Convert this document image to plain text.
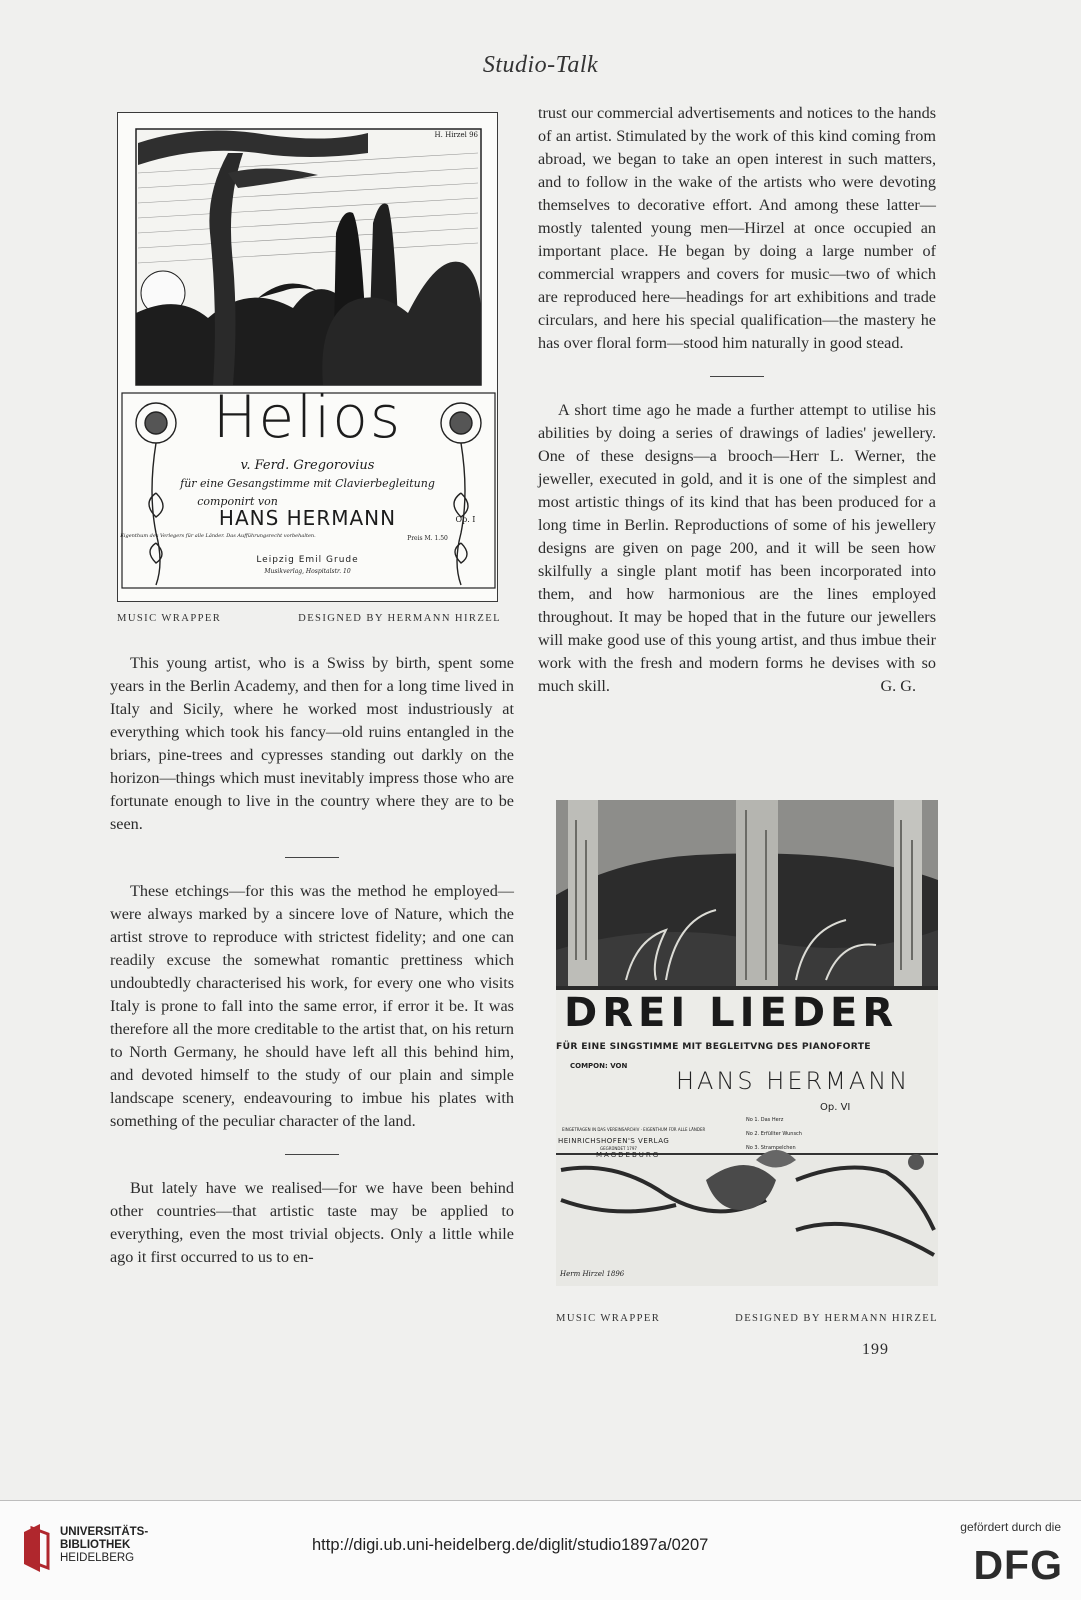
Studio-Talk
H. Hirzel 96
Helios
v. Ferd. Gregorovius
für eine Gesangstimme mit Clavierbegleitung
componirt von
HANS HERMANN	Op. I
Eigenthum des Verlegers für alle Länder. Das Aufführungsrecht vorbehalten.	Preis M. 1.50
Leipzig Emil Grude
Musikverlag, Hospitalstr. 10
MUSIC WRAPPER	DESIGNED BY HERMANN HIRZEL
DREI LIEDER
FÜR EINE SINGSTIMME MIT BEGLEITVNG DES PIANOFORTE
COMPON: VON
HANS HERMANN
Op. VI
EINGETRAGEN IN DAS VEREINSARCHIV · EIGENTHUM FÜR ALLE LÄNDER
HEINRICHSHOFEN'S VERLAG
GEGRÜNDET 1797
MAGDEBURG
No 1. Das Herz
No 2. Erfüllter Wunsch
No 3. Strampelchen
Herm Hirzel 1896
MUSIC WRAPPER	DESIGNED BY HERMANN HIRZEL

This young artist, who is a Swiss by birth, spent some years in the Berlin Academy, and then for a long time lived in Italy and Sicily, where he worked most industriously at everything which took his fancy—old ruins entangled in the briars, pine-trees and cypresses standing out darkly on the horizon—things which must inevitably impress those who are fortunate enough to live in the country where they are to be seen.

These etchings—for this was the method he employed—were always marked by a sincere love of Nature, which the artist strove to reproduce with strictest fidelity; and one can readily excuse the somewhat romantic prettiness which undoubtedly characterised his work, for every one who visits Italy is prone to fall into the same error, if error it be. It was therefore all the more creditable to the artist that, on his return to North Germany, he should have left all this behind him, and devoted himself to the study of our plain and simple landscape scenery, endeavouring to imbue his plates with something of the peculiar character of the land.

But lately have we realised—for we have been behind other countries—that artistic taste may be applied to everything, even the most trivial objects. Only a little while ago it first occurred to us to en-

trust our commercial advertisements and notices to the hands of an artist. Stimulated by the work of this kind coming from abroad, we began to take an open interest in such matters, and to follow in the wake of the artists who were devoting themselves to decorative effort. And among these latter—mostly talented young men—Hirzel at once occupied an important place. He began by doing a large number of commercial wrappers and covers for music—two of which are reproduced here—headings for art exhibitions and trade circulars, and here his special qualification—the mastery he has over floral form—stood him naturally in good stead.

A short time ago he made a further attempt to utilise his abilities by doing a series of drawings of ladies' jewellery. One of these designs—a brooch—Herr L. Werner, the jeweller, executed in gold, and it is one of the simplest and most artistic things of its kind that has been produced for a long time in Berlin. Reproductions of some of his jewellery designs are given on page 200, and it will be seen how skilfully a single plant motif has been incorporated into them, and how harmonious are the lines employed throughout. It may be hoped that in the future our jewellers will make good use of this young artist, and thus imbue their work with the fresh and modern forms he devises with so much skill.	G. G.

199
UNIVERSITÄTS-
BIBLIOTHEK
HEIDELBERG
http://digi.ub.uni-heidelberg.de/diglit/studio1897a/0207
gefördert durch die
DFG
